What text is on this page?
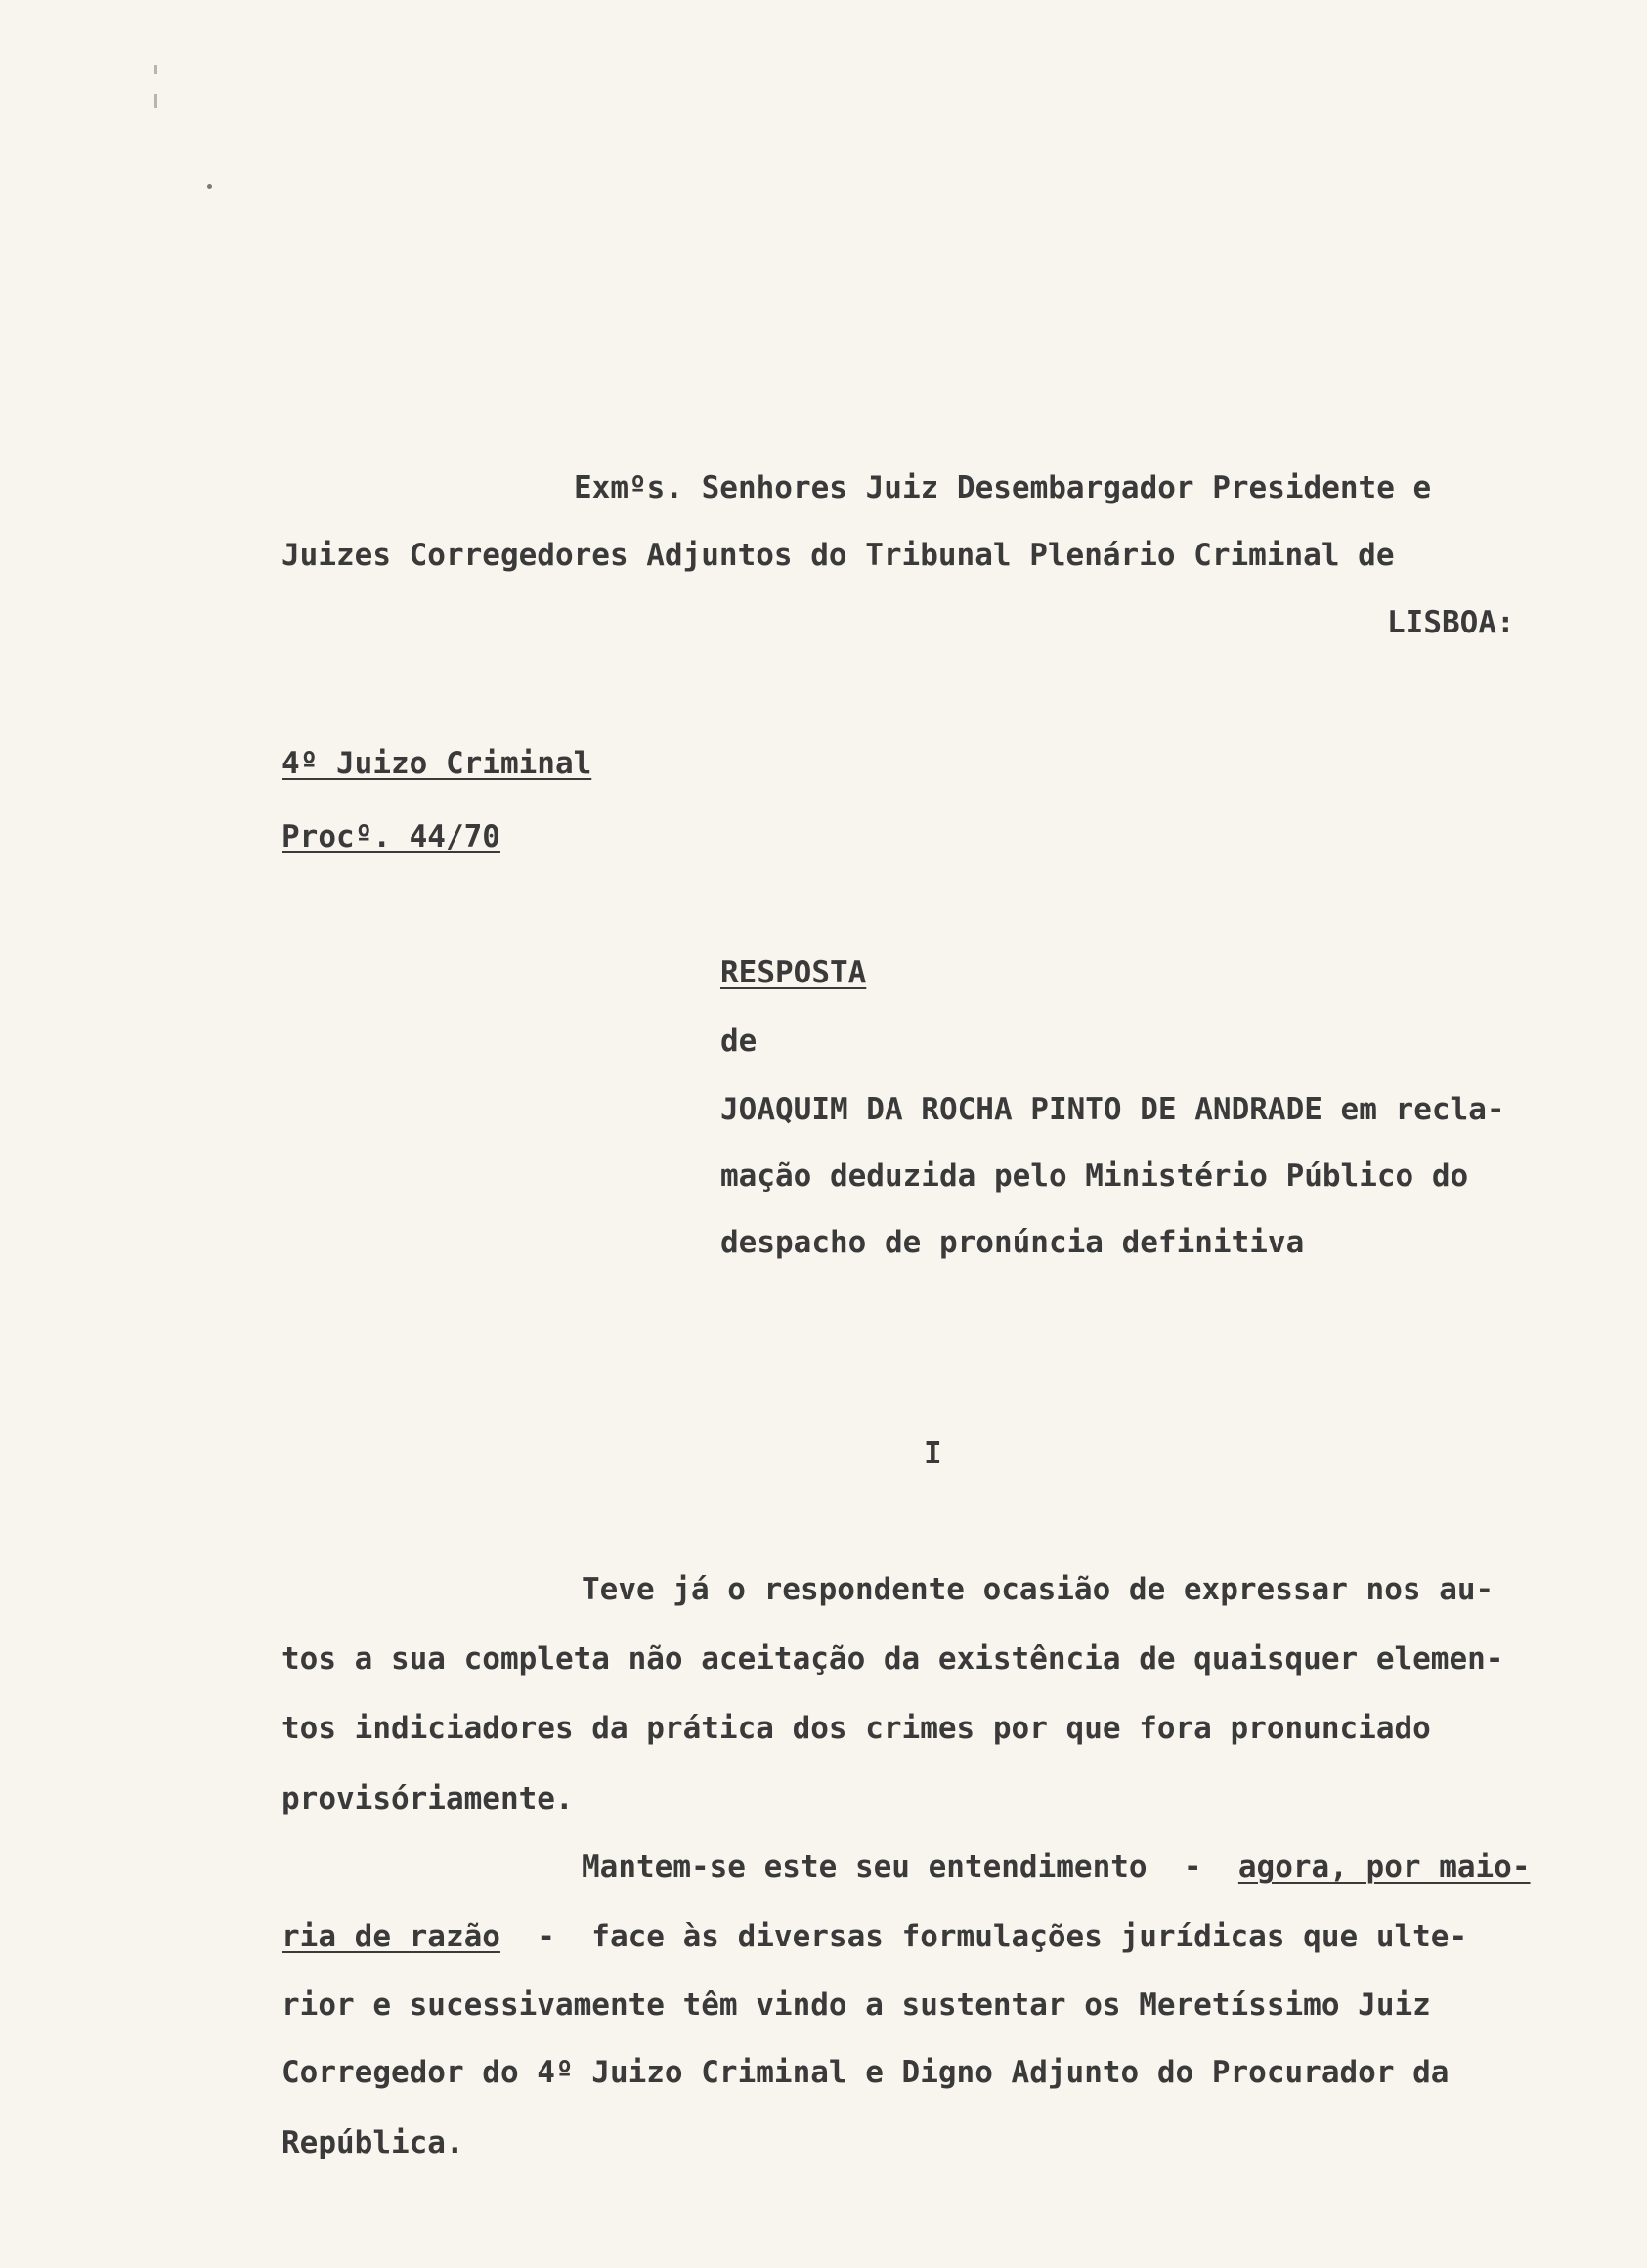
Exmºs. Senhores Juiz Desembargador Presidente e

Juizes Corregedores Adjuntos do Tribunal Plenário Criminal de

LISBOA:

4º Juizo Criminal

Procº. 44/70

RESPOSTA

de

JOAQUIM DA ROCHA PINTO DE ANDRADE em recla-

mação deduzida pelo Ministério Público do

despacho de pronúncia definitiva

I

Teve já o respondente ocasião de expressar nos au-

tos a sua completa não aceitação da existência de quaisquer elemen-

tos indiciadores da prática dos crimes por que fora pronunciado

provisóriamente.

Mantem-se este seu entendimento  -  agora, por maio-

ria de razão  -  face às diversas formulações jurídicas que ulte-

rior e sucessivamente têm vindo a sustentar os Meretíssimo Juiz

Corregedor do 4º Juizo Criminal e Digno Adjunto do Procurador da

República.
